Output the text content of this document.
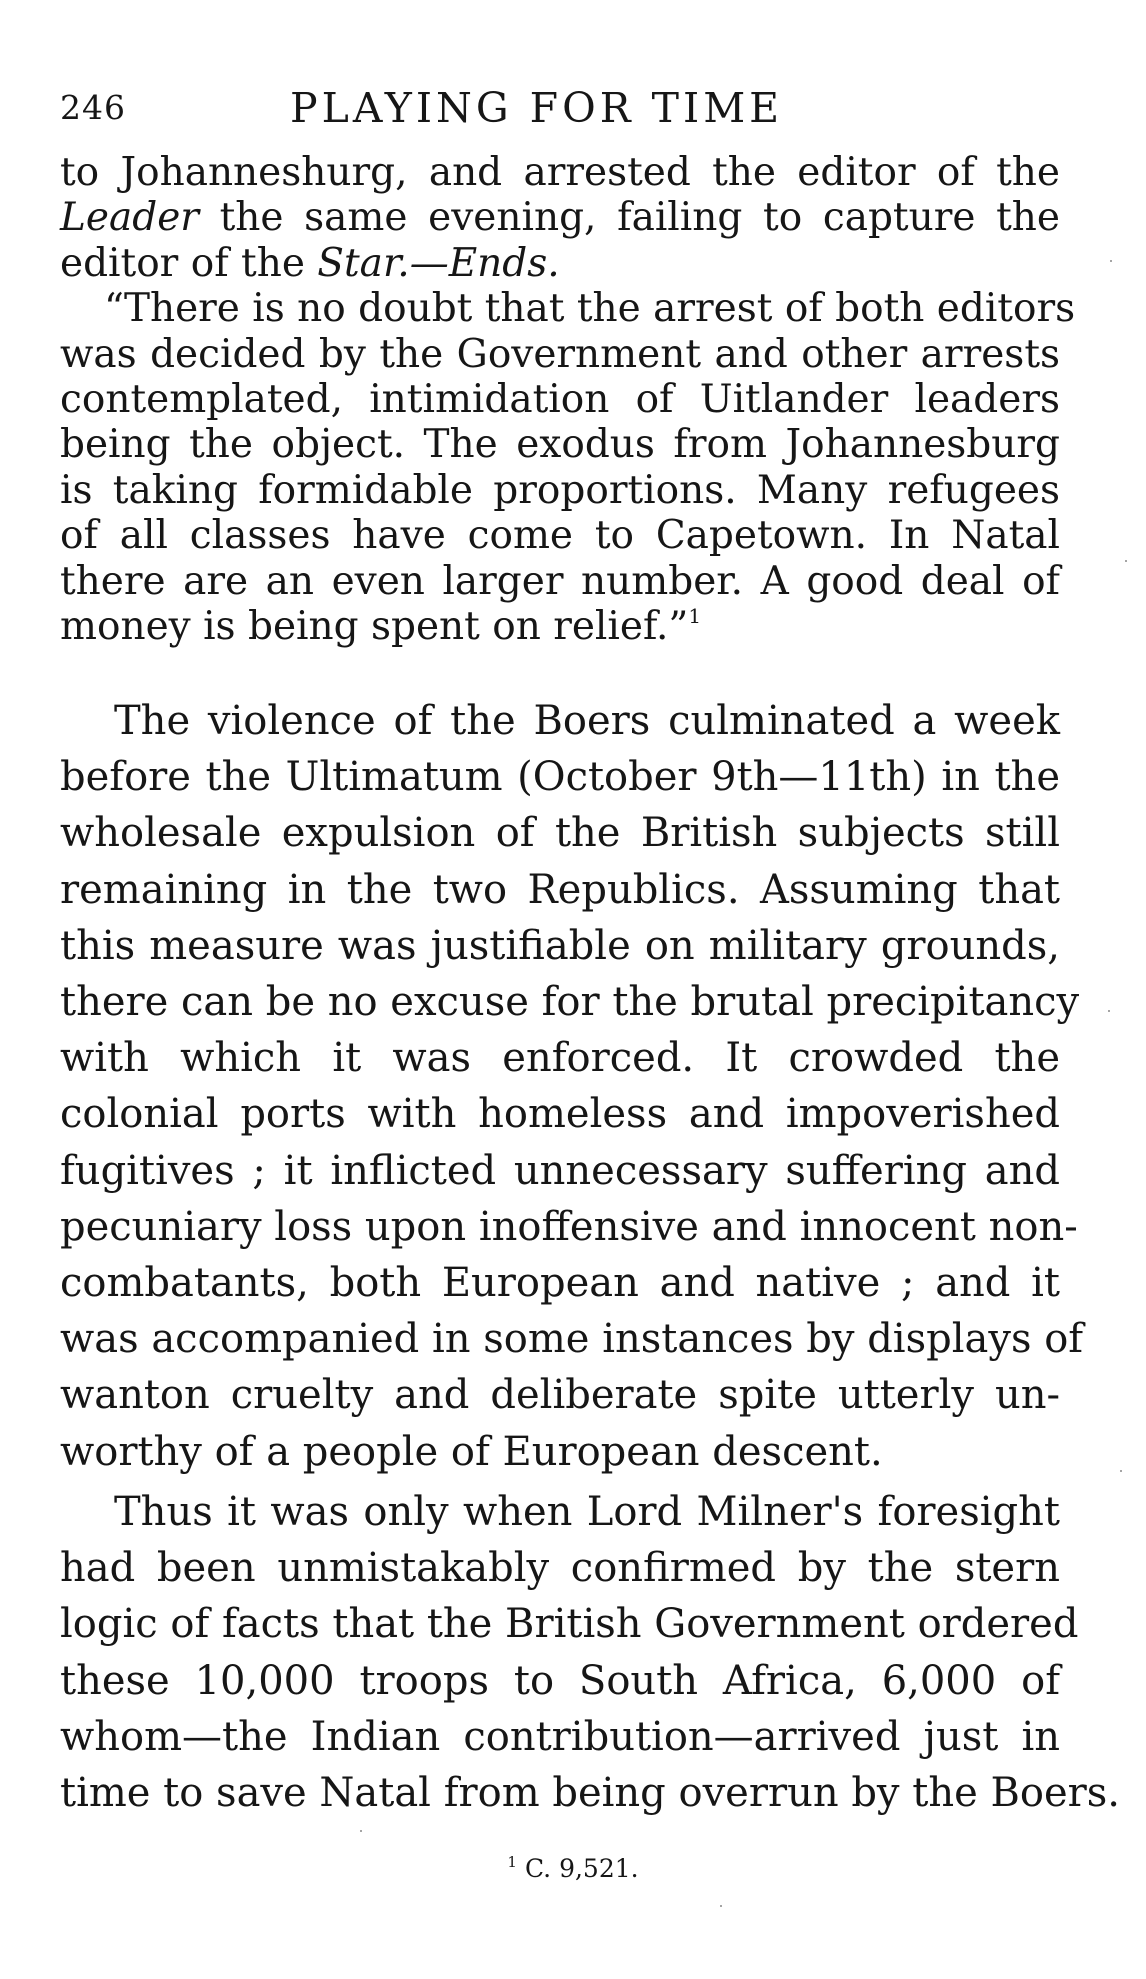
246	PLAYING FOR TIME
to Johanneshurg, and arrested the editor of the
Leader the same evening, failing to capture the
editor of the Star.—Ends.
“There is no doubt that the arrest of both editors
was decided by the Government and other arrests
contemplated, intimidation of Uitlander leaders
being the object. The exodus from Johannesburg
is taking formidable proportions. Many refugees
of all classes have come to Capetown. In Natal
there are an even larger number. A good deal of
money is being spent on relief.”$^1$
The violence of the Boers culminated a week
before the Ultimatum (October 9th—11th) in the
wholesale expulsion of the British subjects still
remaining in the two Republics. Assuming that
this measure was justifiable on military grounds,
there can be no excuse for the brutal precipitancy
with which it was enforced. It crowded the
colonial ports with homeless and impoverished
fugitives ; it inflicted unnecessary suffering and
pecuniary loss upon inoffensive and innocent non-
combatants, both European and native ; and it
was accompanied in some instances by displays of
wanton cruelty and deliberate spite utterly un-
worthy of a people of European descent.
Thus it was only when Lord Milner's foresight
had been unmistakably confirmed by the stern
logic of facts that the British Government ordered
these 10,000 troops to South Africa, 6,000 of
whom—the Indian contribution—arrived just in
time to save Natal from being overrun by the Boers.
$^1$ C. 9,521.
